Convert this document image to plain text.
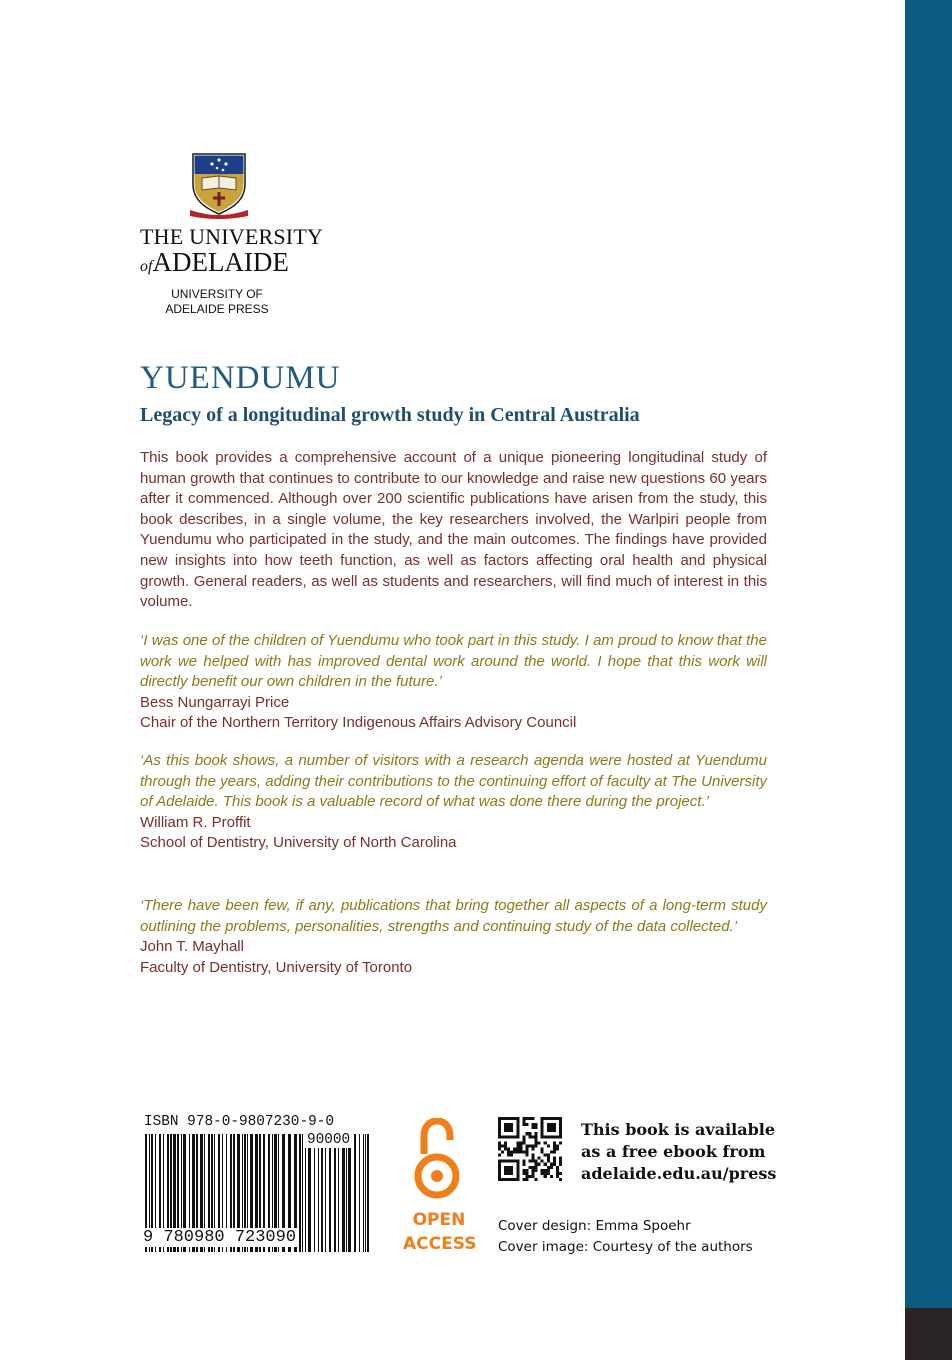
THE UNIVERSITY
ofADELAIDE
UNIVERSITY OF
ADELAIDE PRESS
YUENDUMU
Legacy of a longitudinal growth study in Central Australia
This book provides a comprehensive account of a unique pioneering longitudinal study of human growth that continues to contribute to our knowledge and raise new questions 60 years after it commenced. Although over 200 scientific publications have arisen from the study, this book describes, in a single volume, the key researchers involved, the Warlpiri people from Yuendumu who participated in the study, and the main outcomes. The findings have provided new insights into how teeth function, as well as factors affecting oral health and physical growth. General readers, as well as students and researchers, will find much of interest in this volume.
‘I was one of the children of Yuendumu who took part in this study. I am proud to know that the work we helped with has improved dental work around the world. I hope that this work will directly benefit our own children in the future.’
Bess Nungarrayi Price
Chair of the Northern Territory Indigenous Affairs Advisory Council
‘As this book shows, a number of visitors with a research agenda were hosted at Yuendumu through the years, adding their contributions to the continuing effort of faculty at The University of Adelaide. This book is a valuable record of what was done there during the project.’
William R. Proffit
School of Dentistry, University of North Carolina
‘There have been few, if any, publications that bring together all aspects of a long-term study outlining the problems, personalities, strengths and continuing study of the data collected.’
John T. Mayhall
Faculty of Dentistry, University of Toronto
ISBN 978-0-9807230-9-0
90000
9 780980 723090
OPEN
ACCESS
This book is available
as a free ebook from
adelaide.edu.au/press
Cover design: Emma Spoehr
Cover image: Courtesy of the authors
